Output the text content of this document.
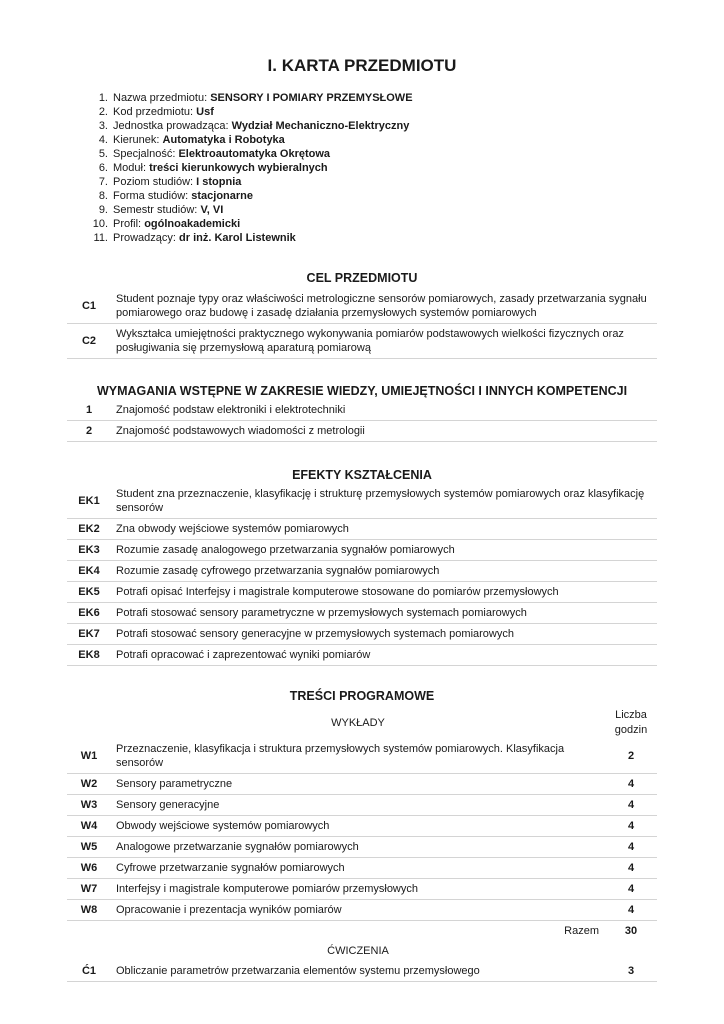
I. KARTA PRZEDMIOTU
1. Nazwa przedmiotu:
SENSORY I POMIARY PRZEMYSŁOWE
2. Kod przedmiotu:
Usf
3. Jednostka prowadząca:
Wydział Mechaniczno-Elektryczny
4. Kierunek:
Automatyka i Robotyka
5. Specjalność:
Elektroautomatyka Okrętowa
6. Moduł:
treści kierunkowych wybieralnych
7. Poziom studiów:
I stopnia
8. Forma studiów:
stacjonarne
9. Semestr studiów:
V, VI
10. Profil:
ogólnoakademicki
11. Prowadzący:
dr inż. Karol Listewnik
CEL PRZEDMIOTU
C1	Student poznaje typy oraz właściwości metrologiczne sensorów pomiarowych, zasady przetwarzania sygnału pomiarowego oraz budowę i zasadę działania przemysłowych systemów pomiarowych
C2	Wykształca umiejętności praktycznego wykonywania pomiarów podstawowych wielkości fizycznych oraz posługiwania się przemysłową aparaturą pomiarową
WYMAGANIA WSTĘPNE W ZAKRESIE WIEDZY, UMIEJĘTNOŚCI I INNYCH KOMPETENCJI
1	Znajomość podstaw elektroniki i elektrotechniki
2	Znajomość podstawowych wiadomości z metrologii
EFEKTY KSZTAŁCENIA
EK1	Student zna przeznaczenie, klasyfikację i strukturę przemysłowych systemów pomiarowych oraz klasyfikację sensorów
EK2	Zna obwody wejściowe systemów pomiarowych
EK3	Rozumie zasadę analogowego przetwarzania sygnałów pomiarowych
EK4	Rozumie zasadę cyfrowego przetwarzania sygnałów pomiarowych
EK5	Potrafi opisać Interfejsy i magistrale komputerowe stosowane do pomiarów przemysłowych
EK6	Potrafi stosować sensory parametryczne w przemysłowych systemach pomiarowych
EK7	Potrafi stosować sensory generacyjne w przemysłowych systemach pomiarowych
EK8	Potrafi opracować i zaprezentować wyniki pomiarów
TREŚCI PROGRAMOWE
	WYKŁADY	Liczba
godzin
W1	Przeznaczenie, klasyfikacja i struktura przemysłowych systemów pomiarowych. Klasyfikacja sensorów	2
W2	Sensory parametryczne	4
W3	Sensory generacyjne	4
W4	Obwody wejściowe systemów pomiarowych	4
W5	Analogowe przetwarzanie sygnałów pomiarowych	4
W6	Cyfrowe przetwarzanie sygnałów pomiarowych	4
W7	Interfejsy i magistrale komputerowe pomiarów przemysłowych	4
W8	Opracowanie i prezentacja wyników pomiarów	4
	Razem	30
	ĆWICZENIA	
Ć1	Obliczanie parametrów przetwarzania elementów systemu przemysłowego	3
